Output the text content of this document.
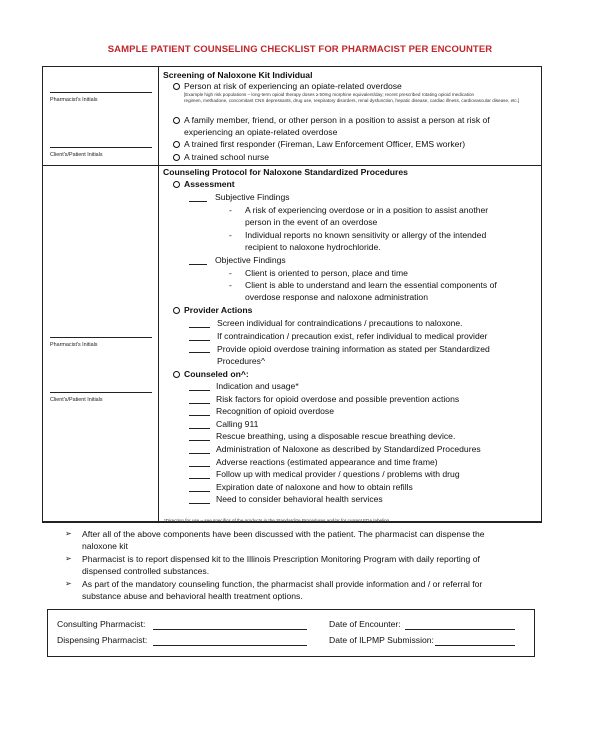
SAMPLE PATIENT COUNSELING CHECKLIST FOR PHARMACIST PER ENCOUNTER
Pharmacist's Initials
Client's/Patient Initials
Screening of Naloxone Kit Individual
Person at risk of experiencing an opiate-related overdose
[Example high risk populations – long-term opioid therapy doses ≥ 50mg morphine equivalent/day; recent prescribed rotating opioid medication
regimen, methadone, concomitant CNS depressants, drug use, respiratory disorders, renal dysfunction, hepatic disease, cardiac illness, cardiovascular disease, etc.]
A family member, friend, or other person in a position to assist a person at risk of
experiencing an opiate-related overdose
A trained first responder (Fireman, Law Enforcement Officer, EMS worker)
A trained school nurse
Pharmacist's Initials
Client's/Patient Initials
Counseling Protocol for Naloxone Standardized Procedures
Assessment
Subjective Findings
- A risk of experiencing overdose or in a position to assist another
person in the event of an overdose
- Individual reports no known sensitivity or allergy of the intended
recipient to naloxone hydrochloride.
Objective Findings
- Client is oriented to person, place and time
- Client is able to understand and learn the essential components of
overdose response and naloxone administration
Provider Actions
Screen individual for contraindications / precautions to naloxone.
If contraindication / precaution exist, refer individual to medical provider
Provide opioid overdose training information as stated per Standardized
Procedures^
Counseled on^:
Indication and usage*
Risk factors for opioid overdose and possible prevention actions
Recognition of opioid overdose
Calling 911
Rescue breathing, using a disposable rescue breathing device.
Administration of Naloxone as described by Standardized Procedures
Adverse reactions (estimated appearance and time frame)
Follow up with medical provider / questions / problems with drug
Expiration date of naloxone and how to obtain refills
Need to consider behavioral health services
*Direction for use – see specifics of the products in the Standardize Procedures and/or for current FDA labeling.
➢ After all of the above components have been discussed with the patient. The pharmacist can dispense the
naloxone kit
➢ Pharmacist is to report dispensed kit to the Illinois Prescription Monitoring Program with daily reporting of
dispensed controlled substances.
➢ As part of the mandatory counseling function, the pharmacist shall provide information and / or referral for
substance abuse and behavioral health treatment options.
Consulting Pharmacist:
Dispensing Pharmacist:
Date of Encounter:
Date of ILPMP Submission:
